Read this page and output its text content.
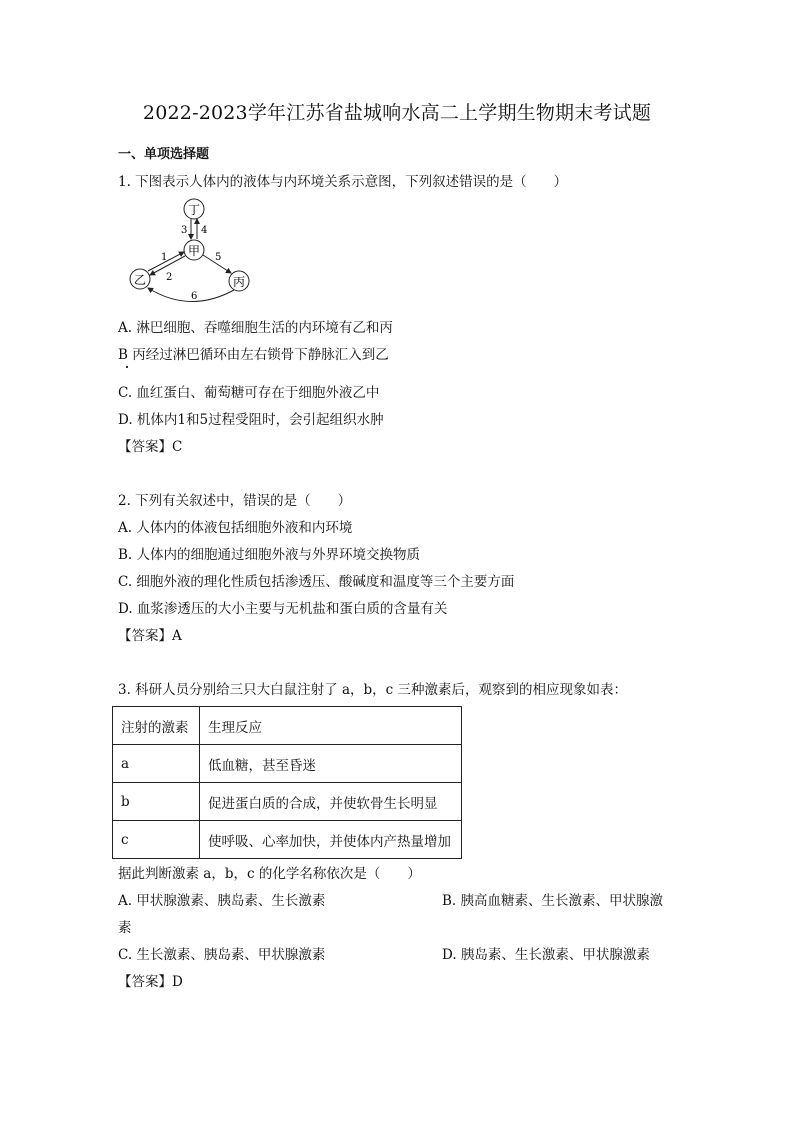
2022-2023学年江苏省盐城响水高二上学期生物期末考试题
一、单项选择题
1. 下图表示人体内的液体与内环境关系示意图，下列叙述错误的是（　　）
丁
甲
乙	丙
3 4
1
2
5
6
A. 淋巴细胞、吞噬细胞生活的内环境有乙和丙
B 丙经过淋巴循环由左右锁骨下静脉汇入到乙
C. 血红蛋白、葡萄糖可存在于细胞外液乙中
D. 机体内1和5过程受阻时，会引起组织水肿
【答案】C
2. 下列有关叙述中，错误的是（　　）
A. 人体内的体液包括细胞外液和内环境
B. 人体内的细胞通过细胞外液与外界环境交换物质
C. 细胞外液的理化性质包括渗透压、酸碱度和温度等三个主要方面
D. 血浆渗透压的大小主要与无机盐和蛋白质的含量有关
【答案】A
3. 科研人员分别给三只大白鼠注射了 a，b，c 三种激素后，观察到的相应现象如表：
注射的激素	生理反应
a	低血糖，甚至昏迷
b	促进蛋白质的合成，并使软骨生长明显
c	使呼吸、心率加快，并使体内产热量增加
据此判断激素 a，b，c 的化学名称依次是（　　）
A. 甲状腺激素、胰岛素、生长激素	B. 胰高血糖素、生长激素、甲状腺激
素
C. 生长激素、胰岛素、甲状腺激素	D. 胰岛素、生长激素、甲状腺激素
【答案】D
